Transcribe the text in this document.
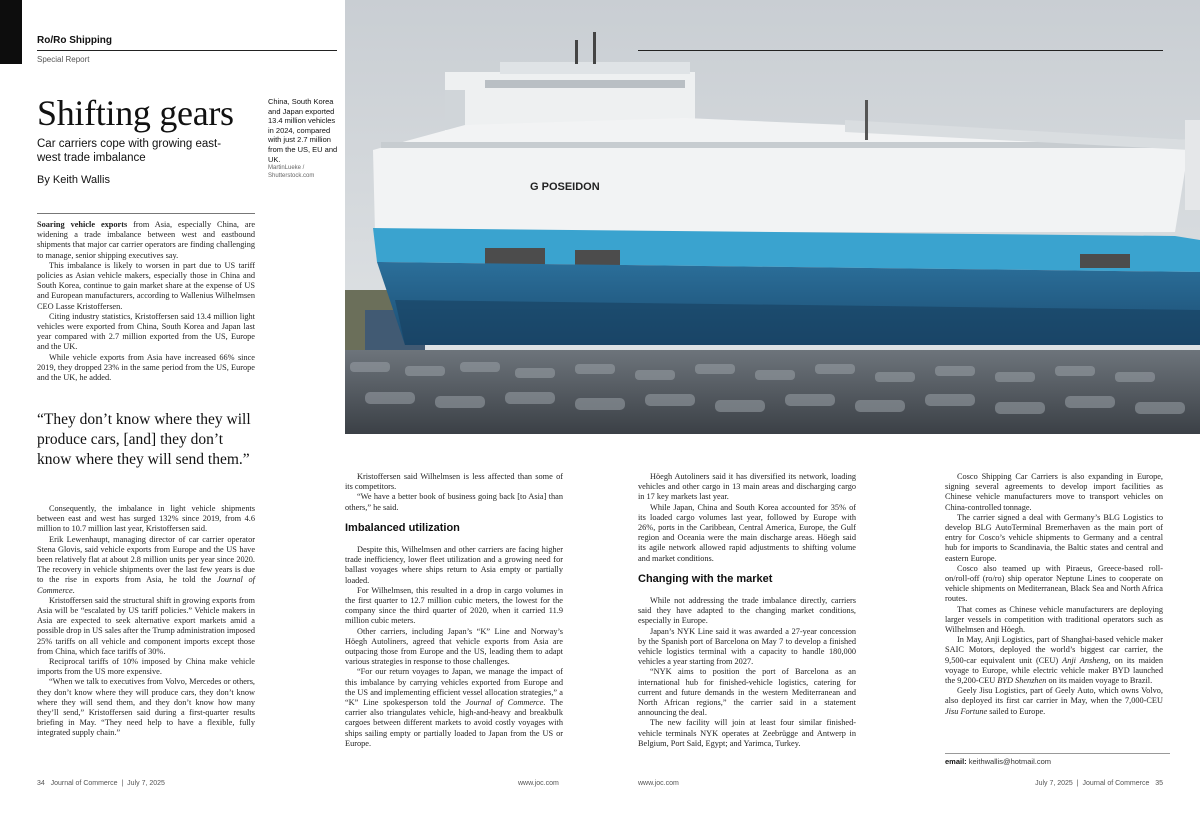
Ro/Ro Shipping
Special Report
G POSEIDON
Shifting gears
Car carriers cope with growing east-west trade imbalance
By Keith Wallis
China, South Korea and Japan exported 13.4 million vehicles in 2024, compared with just 2.7 million from the US, EU and UK.
MartinLueke / Shutterstock.com

Soaring vehicle exports from Asia, especially China, are widening a trade imbalance between west and eastbound shipments that major car carrier operators are finding challenging to manage, senior shipping executives say.

This imbalance is likely to worsen in part due to US tariff policies as Asian vehicle makers, especially those in China and South Korea, continue to gain market share at the expense of US and European manufacturers, according to Wallenius Wilhelmsen CEO Lasse Kristoffersen.

Citing industry statistics, Kristoffersen said 13.4 million light vehicles were exported from China, South Korea and Japan last year compared with 2.7 million exported from the US, Europe and the UK.

While vehicle exports from Asia have increased 66% since 2019, they dropped 23% in the same period from the US, Europe and the UK, he added.

“They don’t know where they will produce cars, [and] they don’t know where they will send them.”

Consequently, the imbalance in light vehicle shipments between east and west has surged 132% since 2019, from 4.6 million to 10.7 million last year, Kristoffersen said.

Erik Lewenhaupt, managing director of car carrier operator Stena Glovis, said vehicle exports from Europe and the US have been relatively flat at about 2.8 million units per year since 2020. The recovery in vehicle shipments over the last few years is due to the rise in exports from Asia, he told the Journal of Commerce.

Kristoffersen said the structural shift in growing exports from Asia will be “escalated by US tariff policies.” Vehicle makers in Asia are expected to seek alternative export markets amid a possible drop in US sales after the Trump administration imposed 25% tariffs on all vehicle and component imports except those from China, which face tariffs of 30%.

Reciprocal tariffs of 10% imposed by China make vehicle imports from the US more expensive.

“When we talk to executives from Volvo, Mercedes or others, they don’t know where they will produce cars, they don’t know where they will send them, and they don’t know how many they’ll send,” Kristoffersen said during a first-quarter results briefing in May. “They need help to have a flexible, fully integrated supply chain.”

Kristoffersen said Wilhelmsen is less affected than some of its competitors.

“We have a better book of business going back [to Asia] than others,” he said.

Imbalanced utilization

Despite this, Wilhelmsen and other carriers are facing higher trade inefficiency, lower fleet utilization and a growing need for ballast voyages where ships return to Asia empty or partially loaded.

For Wilhelmsen, this resulted in a drop in cargo volumes in the first quarter to 12.7 million cubic meters, the lowest for the company since the third quarter of 2020, when it carried 11.9 million cubic meters.

Other carriers, including Japan’s “K” Line and Norway’s Höegh Autoliners, agreed that vehicle exports from Asia are outpacing those from Europe and the US, leading them to adapt various strategies in response to those challenges.

“For our return voyages to Japan, we manage the impact of this imbalance by carrying vehicles exported from Europe and the US and implementing efficient vessel allocation strategies,” a “K” Line spokesperson told the Journal of Commerce. The carrier also triangulates vehicle, high-and-heavy and breakbulk cargoes between different markets to avoid costly voyages with ships sailing empty or partially loaded to Japan from the US or Europe.

Höegh Autoliners said it has diversified its network, loading vehicles and other cargo in 13 main areas and discharging cargo in 17 key markets last year.

While Japan, China and South Korea accounted for 35% of its loaded cargo volumes last year, followed by Europe with 26%, ports in the Caribbean, Central America, Europe, the Gulf region and Oceania were the main discharge areas. Höegh said its agile network allowed rapid adjustments to shifting volume and market conditions.

Changing with the market

While not addressing the trade imbalance directly, carriers said they have adapted to the changing market conditions, especially in Europe.

Japan’s NYK Line said it was awarded a 27-year concession by the Spanish port of Barcelona on May 7 to develop a finished vehicle logistics terminal with a capacity to handle 180,000 vehicles a year starting from 2027.

“NYK aims to position the port of Barcelona as an international hub for finished-vehicle logistics, catering for current and future demands in the western Mediterranean and North African regions,” the carrier said in a statement announcing the deal.

The new facility will join at least four similar finished-vehicle terminals NYK operates at Zeebrügge and Antwerp in Belgium, Port Saïd, Egypt; and Yarimca, Turkey.

Cosco Shipping Car Carriers is also expanding in Europe, signing several agreements to develop import facilities as Chinese vehicle manufacturers move to transport vehicles on China-controlled tonnage.

The carrier signed a deal with Germany’s BLG Logistics to develop BLG AutoTerminal Bremerhaven as the main port of entry for Cosco’s vehicle shipments to Germany and a central hub for imports to Scandinavia, the Baltic states and central and eastern Europe.

Cosco also teamed up with Piraeus, Greece-based roll-on/roll-off (ro/ro) ship operator Neptune Lines to cooperate on vehicle shipments on Mediterranean, Black Sea and North Africa routes.

That comes as Chinese vehicle manufacturers are deploying larger vessels in competition with traditional operators such as Wilhelmsen and Höegh.

In May, Anji Logistics, part of Shanghai-based vehicle maker SAIC Motors, deployed the world’s biggest car carrier, the 9,500-car equivalent unit (CEU) Anji Ansheng, on its maiden voyage to Europe, while electric vehicle maker BYD launched the 9,200-CEU BYD Shenzhen on its maiden voyage to Brazil.

Geely Jisu Logistics, part of Geely Auto, which owns Volvo, also deployed its first car carrier in May, when the 7,000-CEU Jisu Fortune sailed to Europe.

email: keithwallis@hotmail.com
34 Journal of Commerce  |  July 7, 2025	www.joc.com	www.joc.com	July 7, 2025  |  Journal of Commerce 35
